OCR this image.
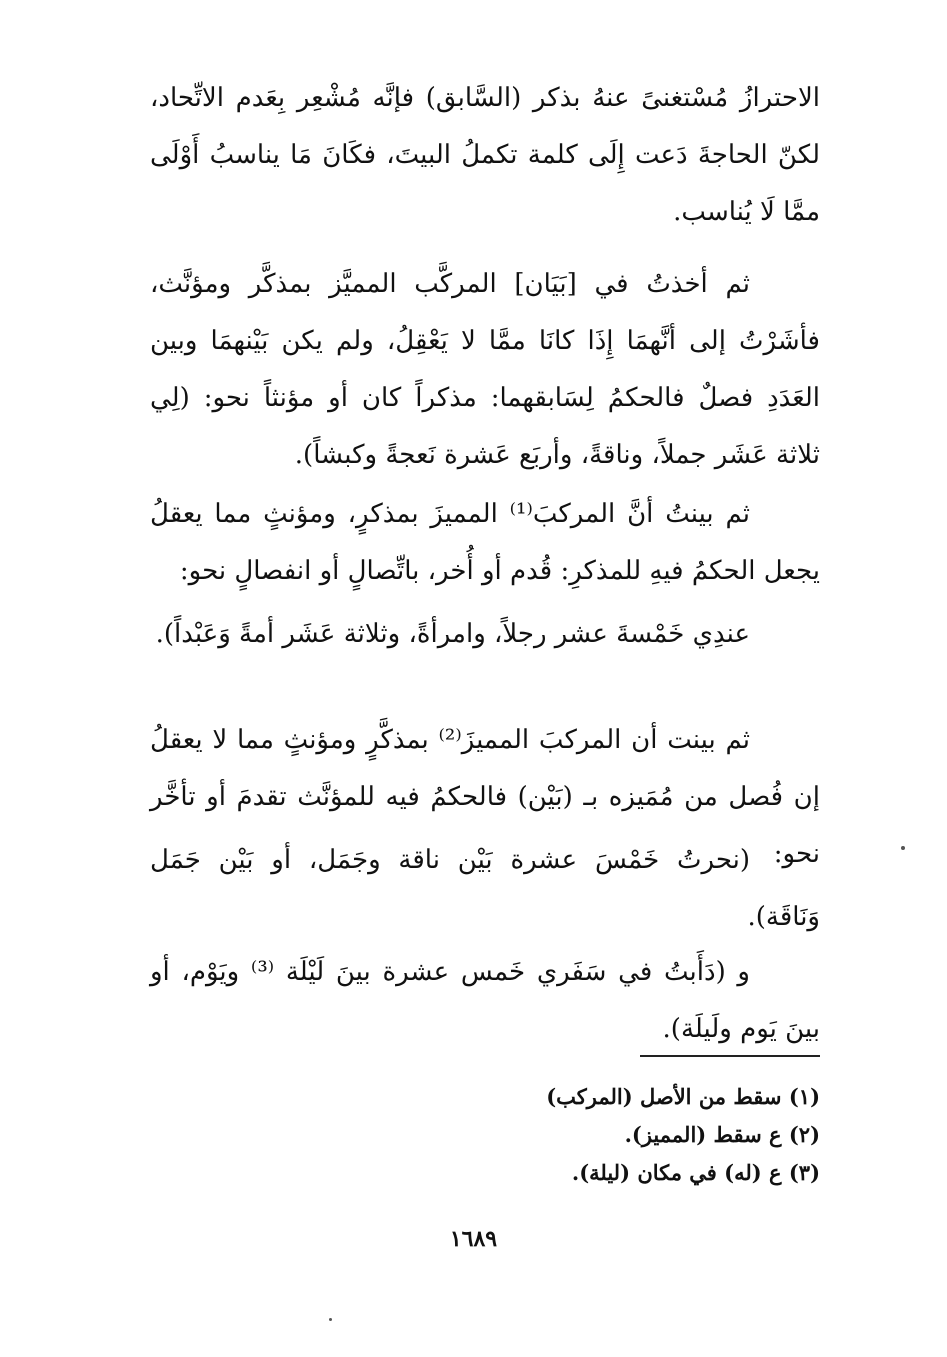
الاحترازُ مُسْتغنىً عنهُ بذكر (السَّابق) فإنَّه مُشْعِر بِعَدم الاتِّحاد، لكنّ الحاجةَ دَعت إِلَى كلمة تكملُ البيتَ، فكَانَ مَا يناسبُ أَوْلَى ممَّا لَا يُناسب.

ثم أخذتُ في [بَيَان] المركَّب المميَّز بمذكَّر ومؤنَّث، فأشَرْتُ إلى أنَّهمَا إِذَا كانَا ممَّا لا يَعْقِلُ، ولم يكن بَيْنهمَا وبين العَدَدِ فصلٌ فالحكمُ لِسَابقهما: مذكراً كان أو مؤنثاً نحو: (لِي ثلاثة عَشَر جملاً، وناقةً، وأربَع عَشرة نَعجةً وكبشاً).

ثم بينتُ أنَّ المركبَ⁽¹⁾ المميزَ بمذكرٍ، ومؤنثٍ مما يعقلُ يجعل الحكمُ فيهِ للمذكرِ: قُدم أو أُخر، باتِّصالٍ أو انفصالٍ نحو:

عندِي خَمْسةَ عشر رجلاً، وامرأةً، وثلاثة عَشَر أمةً وَعَبْداً).

ثم بينت أن المركبَ المميزَ⁽²⁾ بمذكَّرٍ ومؤنثٍ مما لا يعقلُ إن فُصل من مُمَيزه بـ (بَيْن) فالحكمُ فيه للمؤنَّث تقدمَ أو تأخَّر نحو:

(نحرتُ خَمْسَ عشرة بَيْن ناقة وجَمَل، أو بَيْن جَمَل وَنَاقَة).

و (دَأَبتُ في سَفَري خَمس عشرة بينَ لَيْلَة ⁽³⁾ ويَوْم، أو بينَ يَوم ولَيلَة).

(١) سقط من الأصل (المركب)

(٢) ع سقط (المميز).

(٣) ع (له) في مكان (ليلة).

١٦٨٩
